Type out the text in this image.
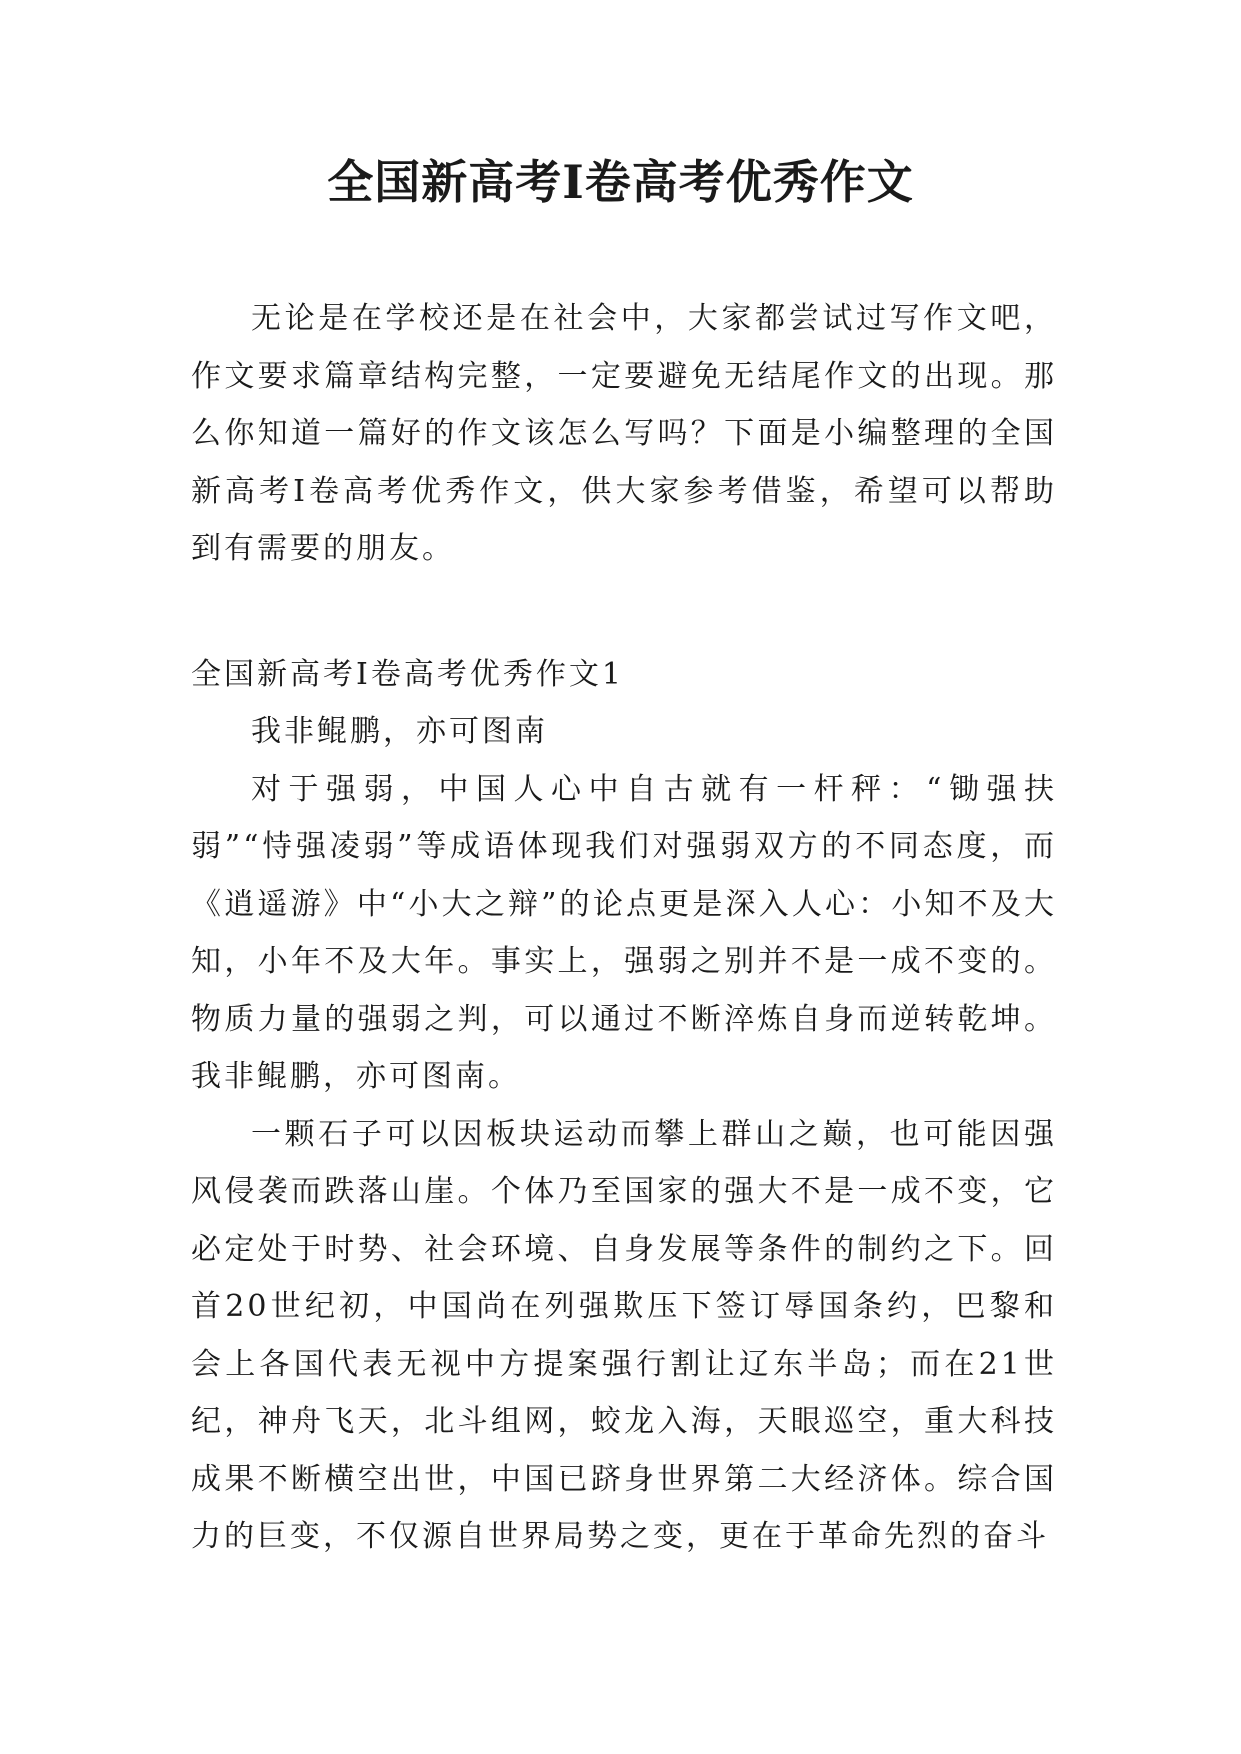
全国新高考Ⅰ卷高考优秀作文

无论是在学校还是在社会中，大家都尝试过写作文吧，作文要求篇章结构完整，一定要避免无结尾作文的出现。那么你知道一篇好的作文该怎么写吗？下面是小编整理的全国新高考Ⅰ卷高考优秀作文，供大家参考借鉴，希望可以帮助到有需要的朋友。

全国新高考Ⅰ卷高考优秀作文1

我非鲲鹏，亦可图南

对于强弱，中国人心中自古就有一杆秤：“锄强扶弱”“恃强凌弱”等成语体现我们对强弱双方的不同态度，而《逍遥游》中“小大之辩”的论点更是深入人心：小知不及大知，小年不及大年。事实上，强弱之别并不是一成不变的。物质力量的强弱之判，可以通过不断淬炼自身而逆转乾坤。我非鲲鹏，亦可图南。

一颗石子可以因板块运动而攀上群山之巅，也可能因强风侵袭而跌落山崖。个体乃至国家的强大不是一成不变，它必定处于时势、社会环境、自身发展等条件的制约之下。回首20世纪初，中国尚在列强欺压下签订辱国条约，巴黎和会上各国代表无视中方提案强行割让辽东半岛；而在21世纪，神舟飞天，北斗组网，蛟龙入海，天眼巡空，重大科技成果不断横空出世，中国已跻身世界第二大经济体。综合国力的巨变，不仅源自世界局势之变，更在于革命先烈的奋斗
